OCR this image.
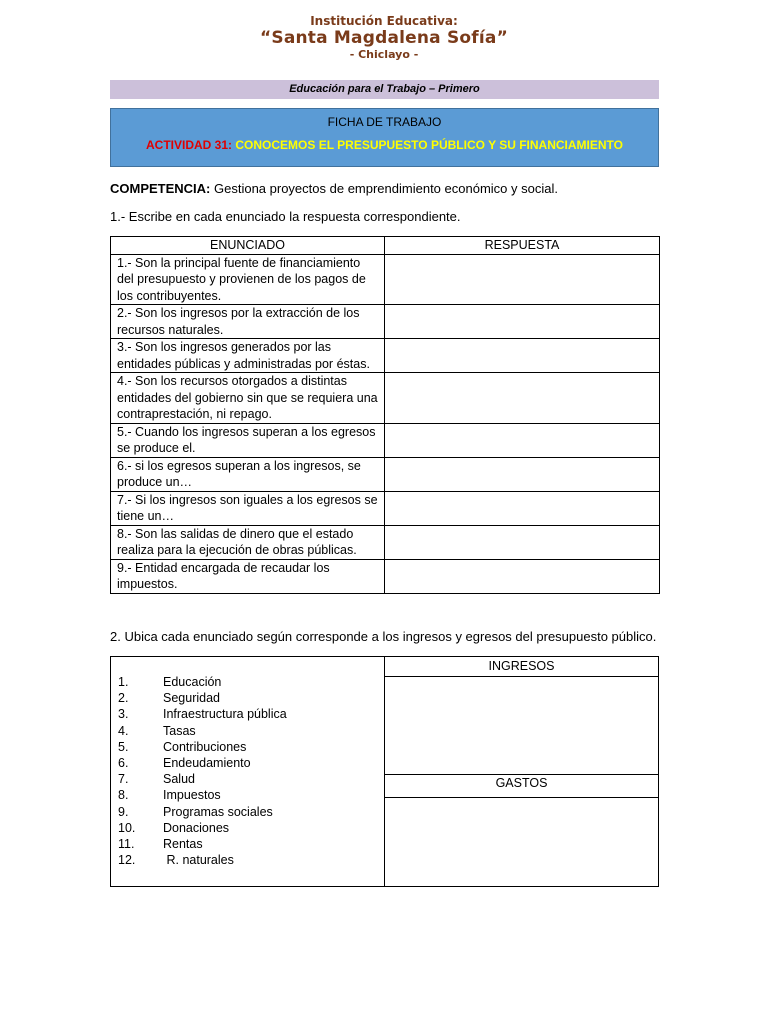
Institución Educativa:
“Santa Magdalena Sofía”
- Chiclayo -
Educación para el Trabajo – Primero
FICHA DE TRABAJO
ACTIVIDAD 31: CONOCEMOS EL PRESUPUESTO PÚBLICO Y SU FINANCIAMIENTO
COMPETENCIA: Gestiona proyectos de emprendimiento económico y social.
1.- Escribe en cada enunciado la respuesta correspondiente.
ENUNCIADO	RESPUESTA
1.- Son la principal fuente de financiamiento del presupuesto y provienen de los pagos de los contribuyentes.	
2.- Son los ingresos por la extracción de los recursos naturales.	
3.- Son los ingresos generados por las entidades públicas y administradas por éstas.	
4.- Son los recursos otorgados a distintas entidades del gobierno sin que se requiera una contraprestación, ni repago.	
5.- Cuando los ingresos superan a los egresos se produce el.	
6.- si los egresos superan a los ingresos, se produce un…	
7.- Si los ingresos son iguales a los egresos se tiene un…	
8.- Son las salidas de dinero que el estado realiza para la ejecución de obras públicas.	
9.- Entidad encargada de recaudar los impuestos.	
2. Ubica cada enunciado según corresponde a los ingresos y egresos del presupuesto público.
1.	Educación
2.	Seguridad
3.	Infraestructura pública
4.	Tasas
5.	Contribuciones
6.	Endeudamiento
7.	Salud
8.	Impuestos
9.	Programas sociales
10. Donaciones
11. Rentas
12. R. naturales
INGRESOS
GASTOS
